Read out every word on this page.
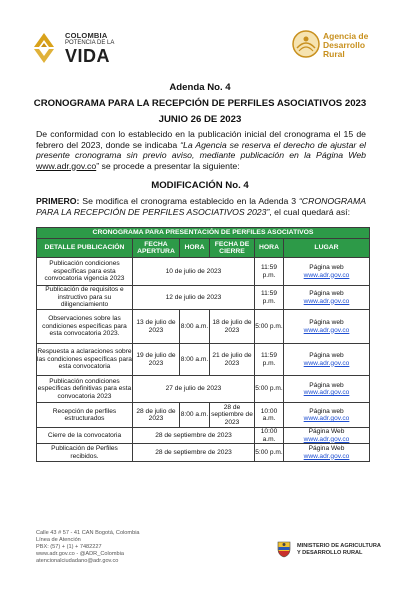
COLOMBIA
POTENCIA DE LA
VIDA
Agencia de
Desarrollo
Rural
Adenda No. 4
CRONOGRAMA PARA LA RECEPCIÓN DE PERFILES ASOCIATIVOS 2023
JUNIO 26 DE 2023
De conformidad con lo establecido en la publicación inicial del cronograma el 15 de febrero del 2023, donde se indicaba “La Agencia se reserva el derecho de ajustar el presente cronograma sin previo aviso, mediante publicación en la Página Web www.adr.gov.co” se procede a presentar la siguiente:
MODIFICACIÓN No. 4
PRIMERO: Se modifica el cronograma establecido en la Adenda 3 “CRONOGRAMA PARA LA RECEPCIÓN DE PERFILES ASOCIATIVOS 2023”, el cual quedará así:
CRONOGRAMA PARA PRESENTACIÓN DE PERFILES ASOCIATIVOS					
DETALLE PUBLICACIÓN	FECHA APERTURA	HORA	FECHA DE CIERRE	HORA	LUGAR
Publicación condiciones específicas para esta convocatoria vigencia 2023	10 de julio de 2023			11:59 p.m.	Página web
www.adr.gov.co
Publicación de requisitos e instructivo para su diligenciamiento	12 de julio de 2023			11:59 p.m.	Página web
www.adr.gov.co
Observaciones sobre las condiciones específicas para esta convocatoria 2023.	13 de julio de 2023	8:00 a.m.	18 de julio de 2023	5:00 p.m.	Página web
www.adr.gov.co
Respuesta a aclaraciones sobre las condiciones específicas para esta convocatoria	19 de julio de 2023	8:00 a.m.	21 de julio de 2023	11:59 p.m.	Página web
www.adr.gov.co
Publicación condiciones específicas definitivas para esta convocatoria 2023	27 de julio de 2023			5:00 p.m.	Página web
www.adr.gov.co
Recepción de perfiles estructurados	28 de julio de 2023	8:00 a.m.	28 de septiembre de 2023	10:00 a.m.	Página web
www.adr.gov.co
Cierre de la convocatoria	28 de septiembre de 2023			10:00 a.m.	Página Web
www.adr.gov.co
Publicación de Perfiles recibidos.	28 de septiembre de 2023			5:00 p.m.	Página Web
www.adr.gov.co
Calle 43 # 57 - 41 CAN Bogotá, Colombia
Línea de Atención
PBX: (57) + (1) + 7482227
www.adr.gov.co - @ADR_Colombia
atencionalciudadano@adr.gov.co
MINISTERIO DE AGRICULTURA
Y DESARROLLO RURAL
